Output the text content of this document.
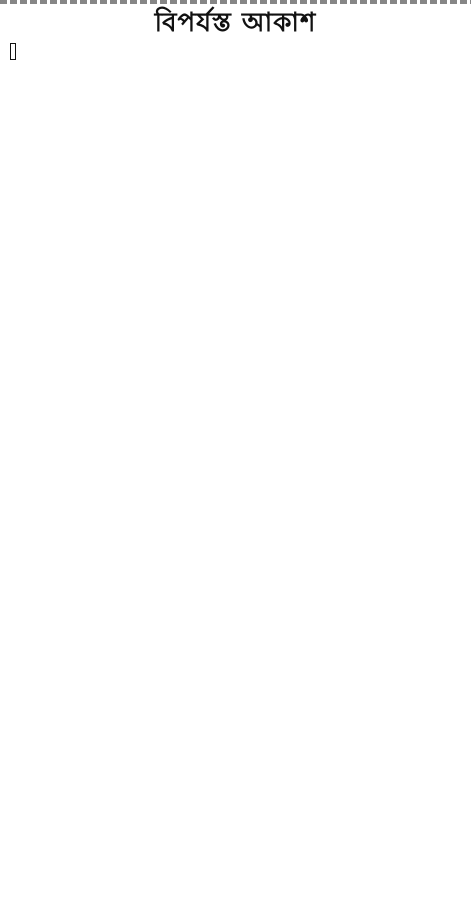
বিপর্যস্ত আকাশ
